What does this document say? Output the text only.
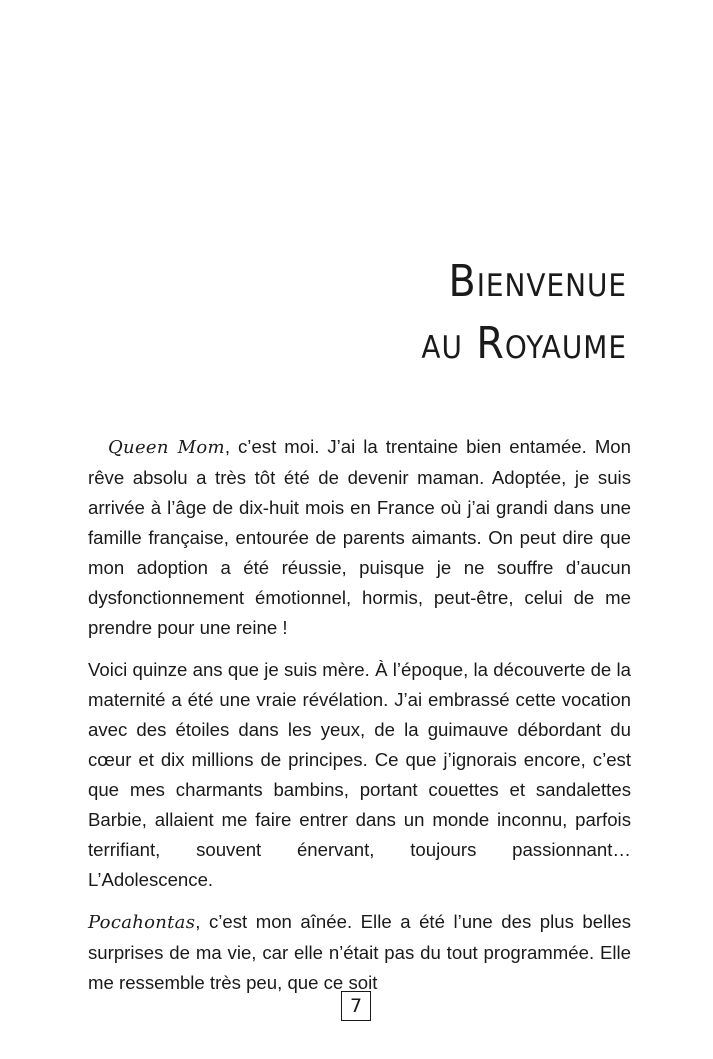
Bienvenue
au Royaume

Queen Mom, c’est moi. J’ai la trentaine bien entamée. Mon rêve absolu a très tôt été de devenir maman. Adoptée, je suis arrivée à l’âge de dix-huit mois en France où j’ai grandi dans une famille française, entourée de parents aimants. On peut dire que mon adoption a été réussie, puisque je ne souffre d’aucun dysfonctionnement émotionnel, hormis, peut-être, celui de me prendre pour une reine !

Voici quinze ans que je suis mère. À l’époque, la découverte de la maternité a été une vraie révélation. J’ai embrassé cette vocation avec des étoiles dans les yeux, de la guimauve débordant du cœur et dix millions de principes. Ce que j’ignorais encore, c’est que mes charmants bambins, portant couettes et sandalettes Barbie, allaient me faire entrer dans un monde inconnu, parfois terrifiant, souvent énervant, toujours passionnant… L’Adolescence.

Pocahontas, c’est mon aînée. Elle a été l’une des plus belles surprises de ma vie, car elle n’était pas du tout programmée. Elle me ressemble très peu, que ce soit

7
